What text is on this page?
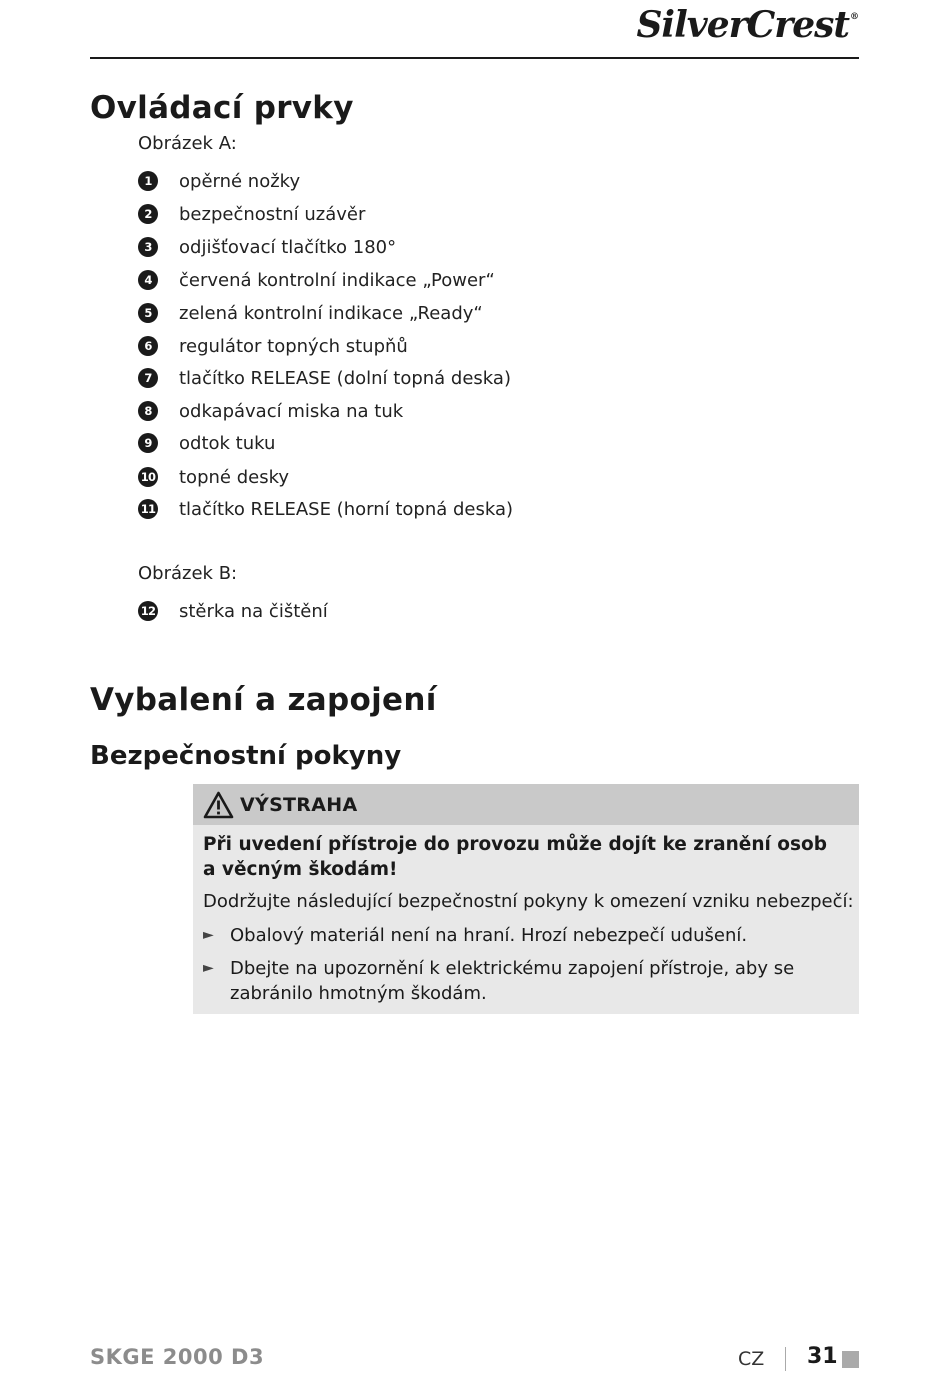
SilverCrest®
Ovládací prvky
Obrázek A:
1	opěrné nožky
2	bezpečnostní uzávěr
3	odjišťovací tlačítko 180°
4	červená kontrolní indikace „Power“
5	zelená kontrolní indikace „Ready“
6	regulátor topných stupňů
7	tlačítko RELEASE (dolní topná deska)
8	odkapávací miska na tuk
9	odtok tuku
10 topné desky
11 tlačítko RELEASE (horní topná deska)
Obrázek B:
12 stěrka na čištění
Vybalení a zapojení
Bezpečnostní pokyny
VÝSTRAHA
Při uvedení přístroje do provozu může dojít ke zranění osob a věcným škodám!
Dodržujte následující bezpečnostní pokyny k omezení vzniku nebezpečí:
► Obalový materiál není na hraní. Hrozí nebezpečí udušení.
► Dbejte na upozornění k elektrickému zapojení přístroje, aby se zabránilo hmotným škodám.
SKGE 2000 D3	CZ 31
